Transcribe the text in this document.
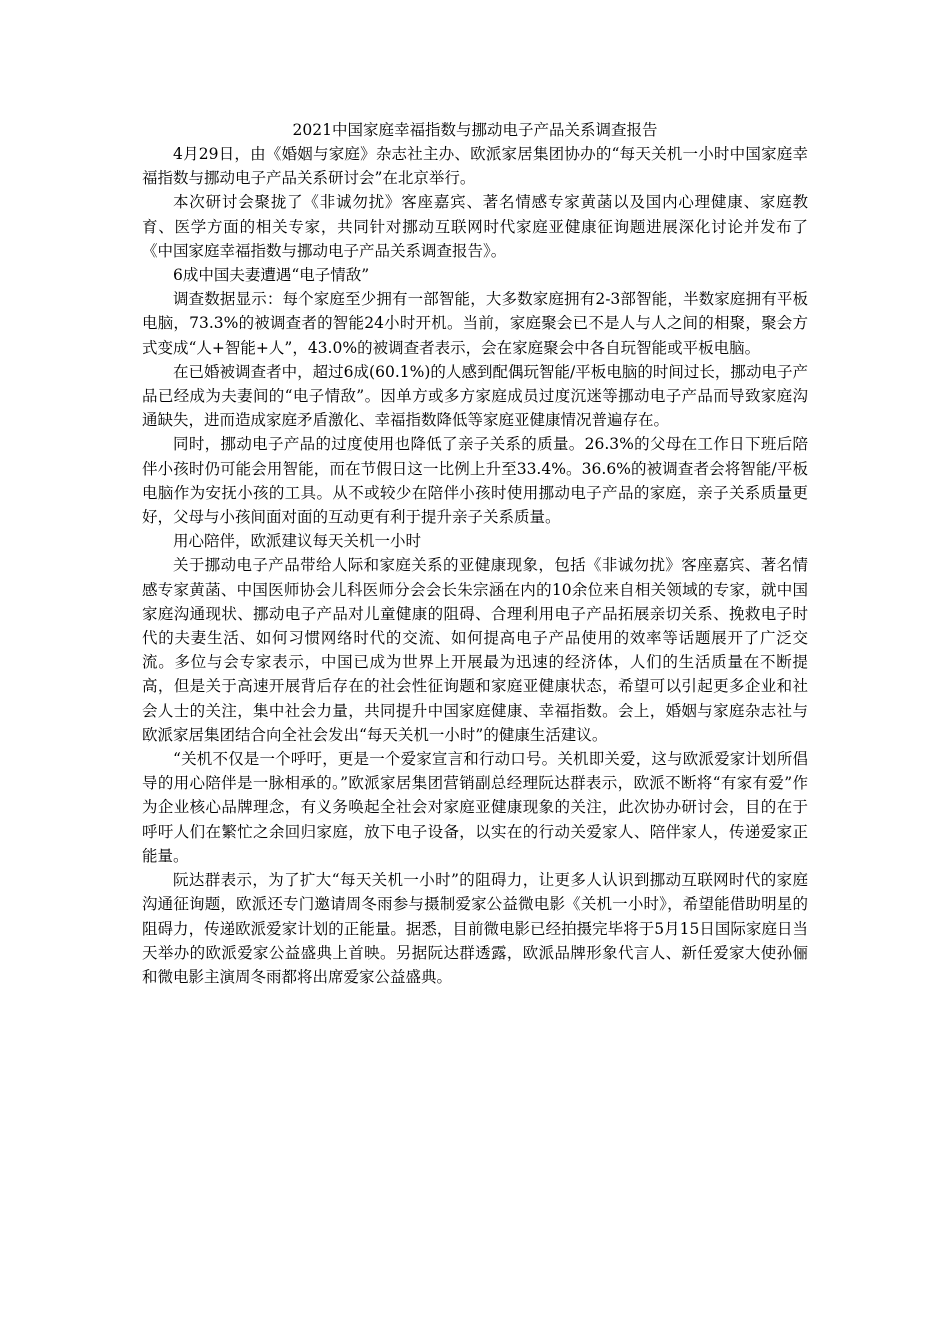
2021中国家庭幸福指数与挪动电子产品关系调查报告

4月29日，由《婚姻与家庭》杂志社主办、欧派家居集团协办的“每天关机一小时中国家庭幸福指数与挪动电子产品关系研讨会”在北京举行。

本次研讨会聚拢了《非诚勿扰》客座嘉宾、著名情感专家黄菡以及国内心理健康、家庭教育、医学方面的相关专家，共同针对挪动互联网时代家庭亚健康征询题进展深化讨论并发布了《中国家庭幸福指数与挪动电子产品关系调查报告》。

6成中国夫妻遭遇“电子情敌”

调查数据显示：每个家庭至少拥有一部智能，大多数家庭拥有2-3部智能，半数家庭拥有平板电脑，73.3%的被调查者的智能24小时开机。当前，家庭聚会已不是人与人之间的相聚，聚会方式变成“人+智能+人”，43.0%的被调查者表示，会在家庭聚会中各自玩智能或平板电脑。

在已婚被调查者中，超过6成(60.1%)的人感到配偶玩智能/平板电脑的时间过长，挪动电子产品已经成为夫妻间的“电子情敌”。因单方或多方家庭成员过度沉迷等挪动电子产品而导致家庭沟通缺失，进而造成家庭矛盾激化、幸福指数降低等家庭亚健康情况普遍存在。

同时，挪动电子产品的过度使用也降低了亲子关系的质量。26.3%的父母在工作日下班后陪伴小孩时仍可能会用智能，而在节假日这一比例上升至33.4%。36.6%的被调查者会将智能/平板电脑作为安抚小孩的工具。从不或较少在陪伴小孩时使用挪动电子产品的家庭，亲子关系质量更好，父母与小孩间面对面的互动更有利于提升亲子关系质量。

用心陪伴，欧派建议每天关机一小时

关于挪动电子产品带给人际和家庭关系的亚健康现象，包括《非诚勿扰》客座嘉宾、著名情感专家黄菡、中国医师协会儿科医师分会会长朱宗涵在内的10余位来自相关领域的专家，就中国家庭沟通现状、挪动电子产品对儿童健康的阻碍、合理利用电子产品拓展亲切关系、挽救电子时代的夫妻生活、如何习惯网络时代的交流、如何提高电子产品使用的效率等话题展开了广泛交流。多位与会专家表示，中国已成为世界上开展最为迅速的经济体，人们的生活质量在不断提高，但是关于高速开展背后存在的社会性征询题和家庭亚健康状态，希望可以引起更多企业和社会人士的关注，集中社会力量，共同提升中国家庭健康、幸福指数。会上，婚姻与家庭杂志社与欧派家居集团结合向全社会发出“每天关机一小时”的健康生活建议。

“关机不仅是一个呼吁，更是一个爱家宣言和行动口号。关机即关爱，这与欧派爱家计划所倡导的用心陪伴是一脉相承的。”欧派家居集团营销副总经理阮达群表示，欧派不断将“有家有爱”作为企业核心品牌理念，有义务唤起全社会对家庭亚健康现象的关注，此次协办研讨会，目的在于呼吁人们在繁忙之余回归家庭，放下电子设备，以实在的行动关爱家人、陪伴家人，传递爱家正能量。

阮达群表示，为了扩大“每天关机一小时”的阻碍力，让更多人认识到挪动互联网时代的家庭沟通征询题，欧派还专门邀请周冬雨参与摄制爱家公益微电影《关机一小时》，希望能借助明星的阻碍力，传递欧派爱家计划的正能量。据悉，目前微电影已经拍摄完毕将于5月15日国际家庭日当天举办的欧派爱家公益盛典上首映。另据阮达群透露，欧派品牌形象代言人、新任爱家大使孙俪和微电影主演周冬雨都将出席爱家公益盛典。
